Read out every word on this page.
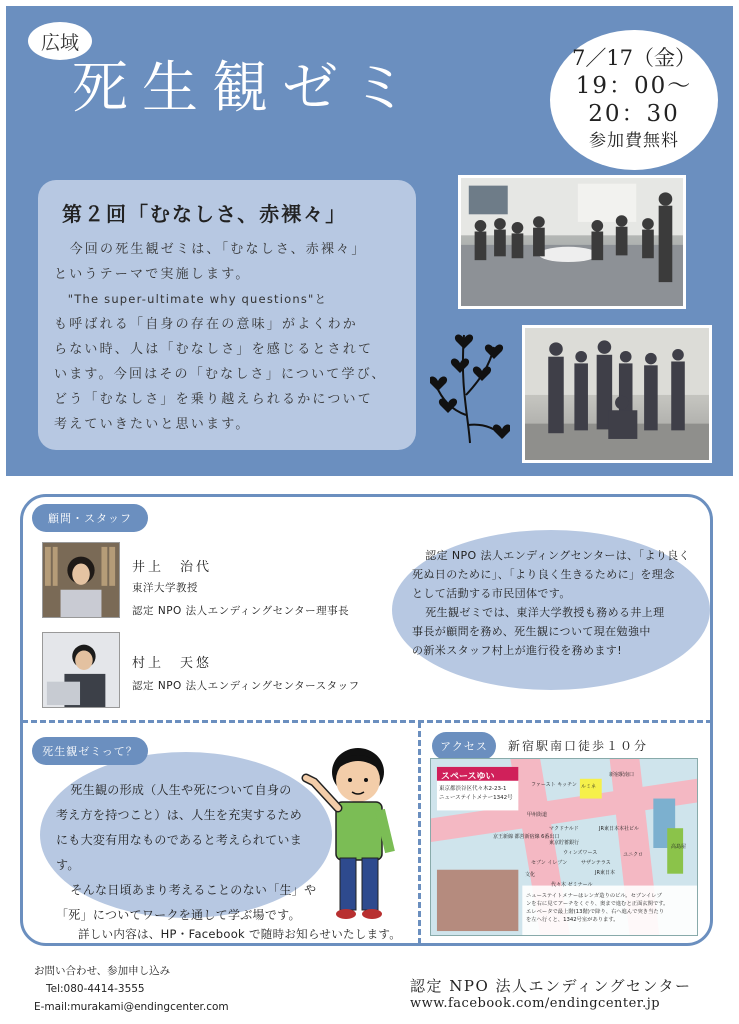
広域
死生観ゼミ	7／17（金）
19：00〜
20：30
参加費無料
第２回「むなしさ、赤裸々」

今回の死生観ゼミは、「むなしさ、赤裸々」

というテーマで実施します。

"The super-ultimate why questions"と

も呼ばれる「自身の存在の意味」がよくわか

らない時、人は「むなしさ」を感じるとされて

います。今回はその「むなしさ」について学び、

どう「むなしさ」を乗り越えられるかについて

考えていきたいと思います。

顧問・スタッフ
井上　治代
東洋大学教授
認定 NPO 法人エンディングセンター理事長
村上　天悠
認定 NPO 法人エンディングセンタースタッフ

認定 NPO 法人エンディングセンターは、「より良く

死ぬ日のために」、「より良く生きるために」を理念

として活動する市民団体です。

死生観ゼミでは、東洋大学教授も務める井上理

事長が顧問を務め、死生観について現在勉強中

の新米スタッフ村上が進行役を務めます!

死生観ゼミって？

死生観の形成（人生や死について自身の

考え方を持つこと）は、人生を充実するため

にも大変有用なものであると考えられています。

そんな日頃あまり考えることのない「生」や

「死」についてワークを通して学ぶ場です。

詳しい内容は、HP・Facebook で随時お知らせいたします。
アクセス	新宿駅南口徒歩１０分
スペースゆい
東京都渋谷区代々木2-23-1
ニューステイトメナー1342号
ファースト キッチン ルミネ
新宿駅南口
甲州街道
マクドナルド
京王新線 都営新宿線 6番出口
サザンテラス
東京貯蓄銀行
ウィンズワース
JR東日本本社ビル
JR東日本
セブン イレブン
代々木 ゼミナール
ユニクロ
文化
高島屋
ニューステイトメナーはレンガ造りのビル。セブンイレブ
ンを右に見てアーチをくぐり、奥まで進むと正面玄関です。
エレベータで最上階(13階)で降り、右へ進んで突き当たり
を左へ行くと、1342号室があります。
お問い合わせ、参加申し込み
Tel:080-4414-3555
E-mail:murakami@endingcenter.com
認定 NPO 法人エンディングセンター
www.facebook.com/endingcenter.jp
